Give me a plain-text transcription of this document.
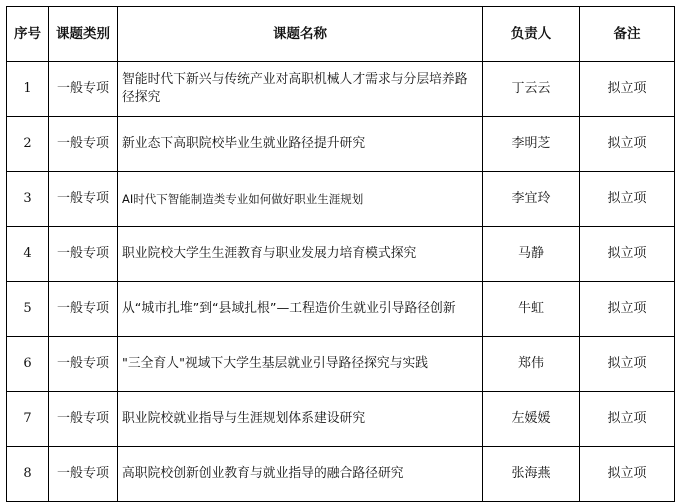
序号	课题类别	课题名称	负责人	备注
1	一般专项	智能时代下新兴与传统产业对高职机械人才需求与分层培养路径探究	丁云云	拟立项
2	一般专项	新业态下高职院校毕业生就业路径提升研究	李明芝	拟立项
3	一般专项	AI时代下智能制造类专业如何做好职业生涯规划	李宜玲	拟立项
4	一般专项	职业院校大学生生涯教育与职业发展力培育模式探究	马静	拟立项
5	一般专项	从“城市扎堆”到“县域扎根”—工程造价生就业引导路径创新	牛虹	拟立项
6	一般专项	"三全育人"视域下大学生基层就业引导路径探究与实践	郑伟	拟立项
7	一般专项	职业院校就业指导与生涯规划体系建设研究	左媛媛	拟立项
8	一般专项	高职院校创新创业教育与就业指导的融合路径研究	张海燕	拟立项
